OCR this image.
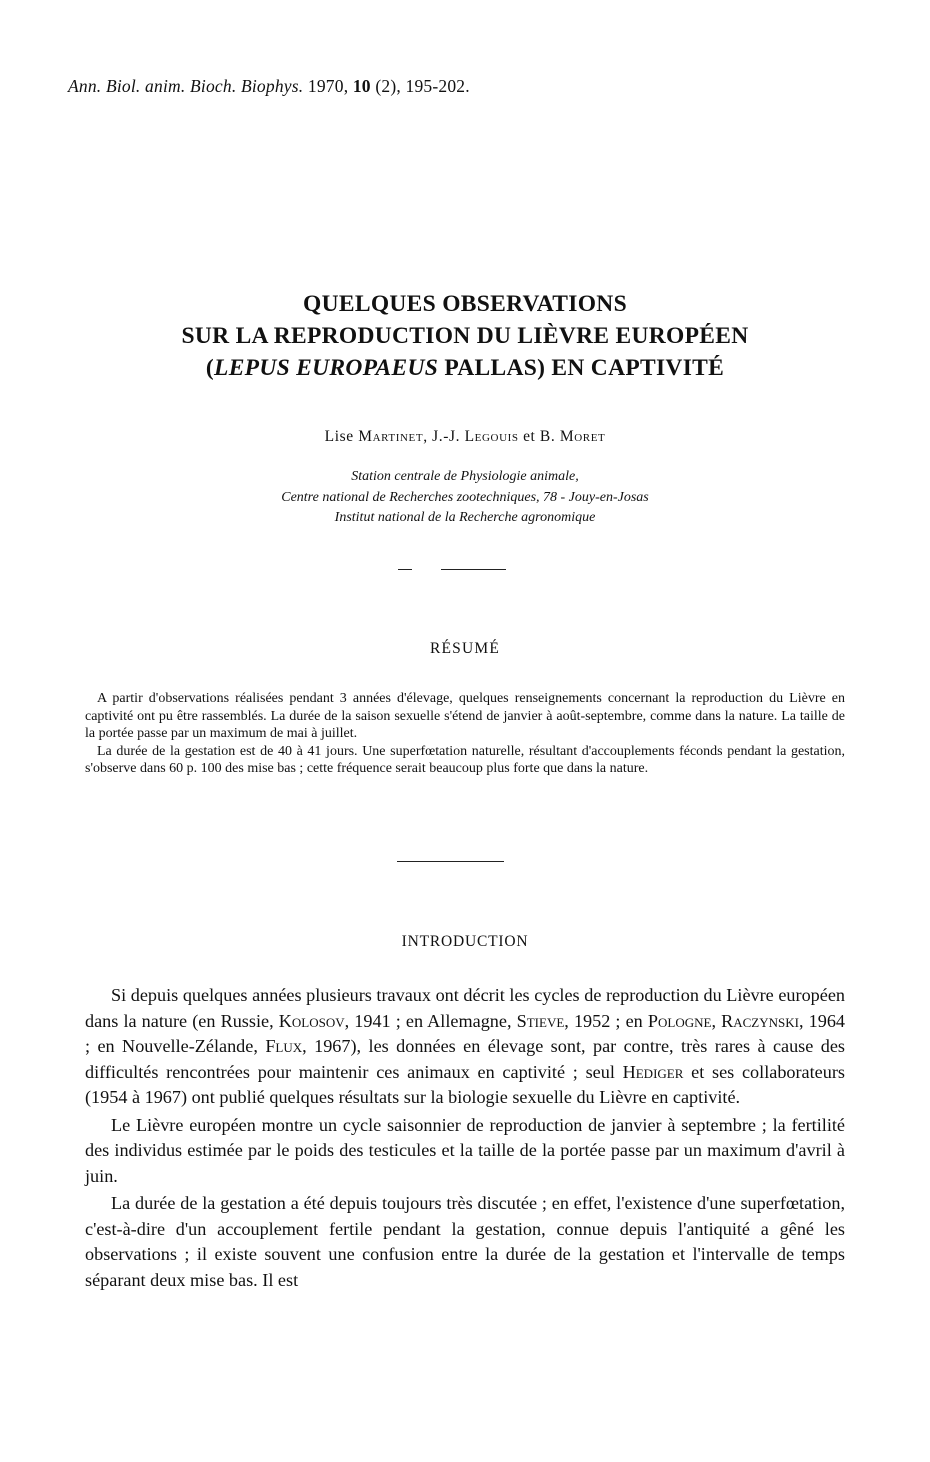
Ann. Biol. anim. Bioch. Biophys. 1970, 10 (2), 195-202.
QUELQUES OBSERVATIONS
SUR LA REPRODUCTION DU LIÈVRE EUROPÉEN
(LEPUS EUROPAEUS PALLAS) EN CAPTIVITÉ
Lise Martinet, J.-J. Legouis et B. Moret
Station centrale de Physiologie animale,
Centre national de Recherches zootechniques, 78 - Jouy-en-Josas
Institut national de la Recherche agronomique
RÉSUMÉ

A partir d'observations réalisées pendant 3 années d'élevage, quelques renseignements concernant la reproduction du Lièvre en captivité ont pu être rassemblés. La durée de la saison sexuelle s'étend de janvier à août-septembre, comme dans la nature. La taille de la portée passe par un maximum de mai à juillet.

La durée de la gestation est de 40 à 41 jours. Une superfœtation naturelle, résultant d'accouplements féconds pendant la gestation, s'observe dans 60 p. 100 des mise bas ; cette fréquence serait beaucoup plus forte que dans la nature.

INTRODUCTION

Si depuis quelques années plusieurs travaux ont décrit les cycles de reproduction du Lièvre européen dans la nature (en Russie, Kolosov, 1941 ; en Allemagne, Stieve, 1952 ; en Pologne, Raczynski, 1964 ; en Nouvelle-Zélande, Flux, 1967), les données en élevage sont, par contre, très rares à cause des difficultés rencontrées pour maintenir ces animaux en captivité ; seul Hediger et ses collaborateurs (1954 à 1967) ont publié quelques résultats sur la biologie sexuelle du Lièvre en captivité.

Le Lièvre européen montre un cycle saisonnier de reproduction de janvier à septembre ; la fertilité des individus estimée par le poids des testicules et la taille de la portée passe par un maximum d'avril à juin.

La durée de la gestation a été depuis toujours très discutée ; en effet, l'existence d'une superfœtation, c'est-à-dire d'un accouplement fertile pendant la gestation, connue depuis l'antiquité a gêné les observations ; il existe souvent une confusion entre la durée de la gestation et l'intervalle de temps séparant deux mise bas. Il est
